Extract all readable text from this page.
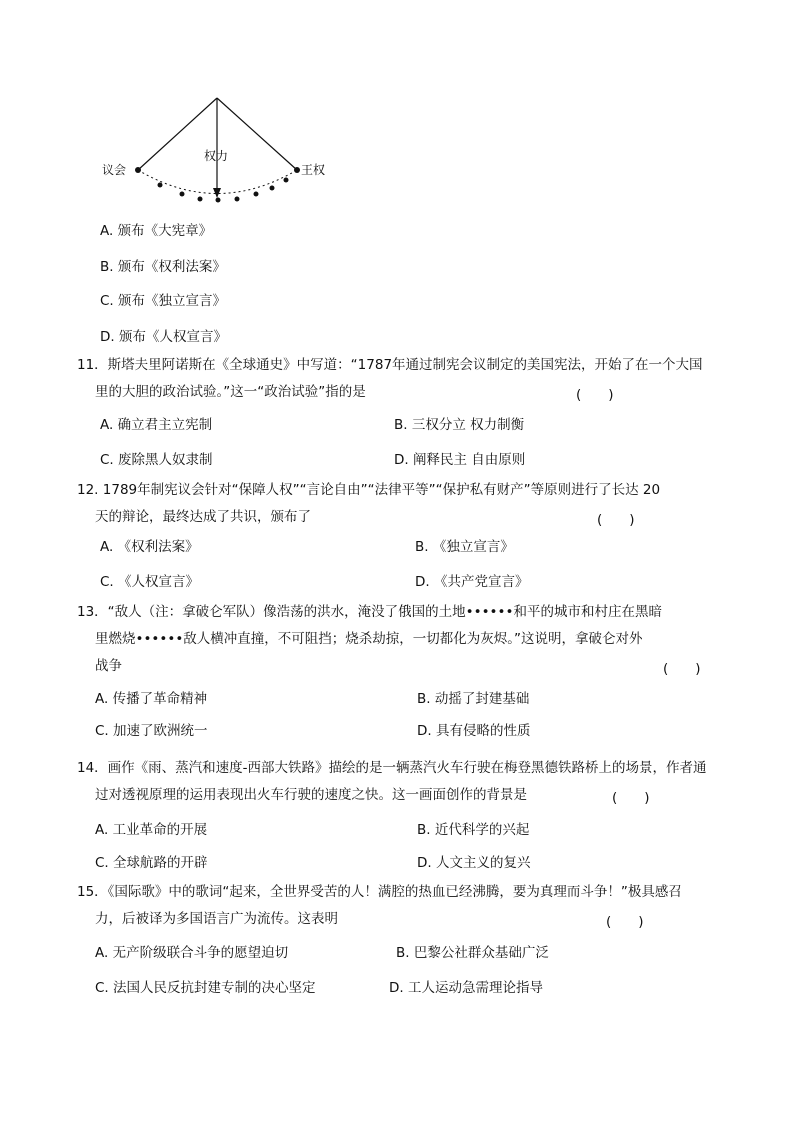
议会	王权
权力
A. 颁布《大宪章》
B. 颁布《权利法案》
C. 颁布《独立宣言》
D. 颁布《人权宣言》
11．斯塔夫里阿诺斯在《全球通史》中写道：“1787年通过制宪会议制定的美国宪法，开始了在一个大国
里的大胆的政治试验。”这一“政治试验”指的是	(　　)
A. 确立君主立宪制	B. 三权分立 权力制衡
C. 废除黑人奴隶制	D. 阐释民主 自由原则
12. 1789年制宪议会针对“保障人权”“言论自由”“法律平等”“保护私有财产”等原则进行了长达 20
天的辩论，最终达成了共识，颁布了	(　　)
A. 《权利法案》	B. 《独立宣言》
C. 《人权宣言》	D. 《共产党宣言》
13．“敌人（注：拿破仑军队）像浩荡的洪水，淹没了俄国的土地••••••和平的城市和村庄在黑暗
里燃烧••••••敌人横冲直撞，不可阻挡；烧杀劫掠，一切都化为灰烬。”这说明，拿破仑对外
战争	(　　)
A. 传播了革命精神	B. 动摇了封建基础
C. 加速了欧洲统一	D. 具有侵略的性质
14．画作《雨、蒸汽和速度-西部大铁路》描绘的是一辆蒸汽火车行驶在梅登黑德铁路桥上的场景，作者通
过对透视原理的运用表现出火车行驶的速度之快。这一画面创作的背景是	(　　)
A. 工业革命的开展	B. 近代科学的兴起
C. 全球航路的开辟	D. 人文主义的复兴
15．《国际歌》中的歌词“起来，全世界受苦的人！满腔的热血已经沸腾，要为真理而斗争！”极具感召
力，后被译为多国语言广为流传。这表明	(　　)
A. 无产阶级联合斗争的愿望迫切	B. 巴黎公社群众基础广泛
C. 法国人民反抗封建专制的决心坚定	D. 工人运动急需理论指导
